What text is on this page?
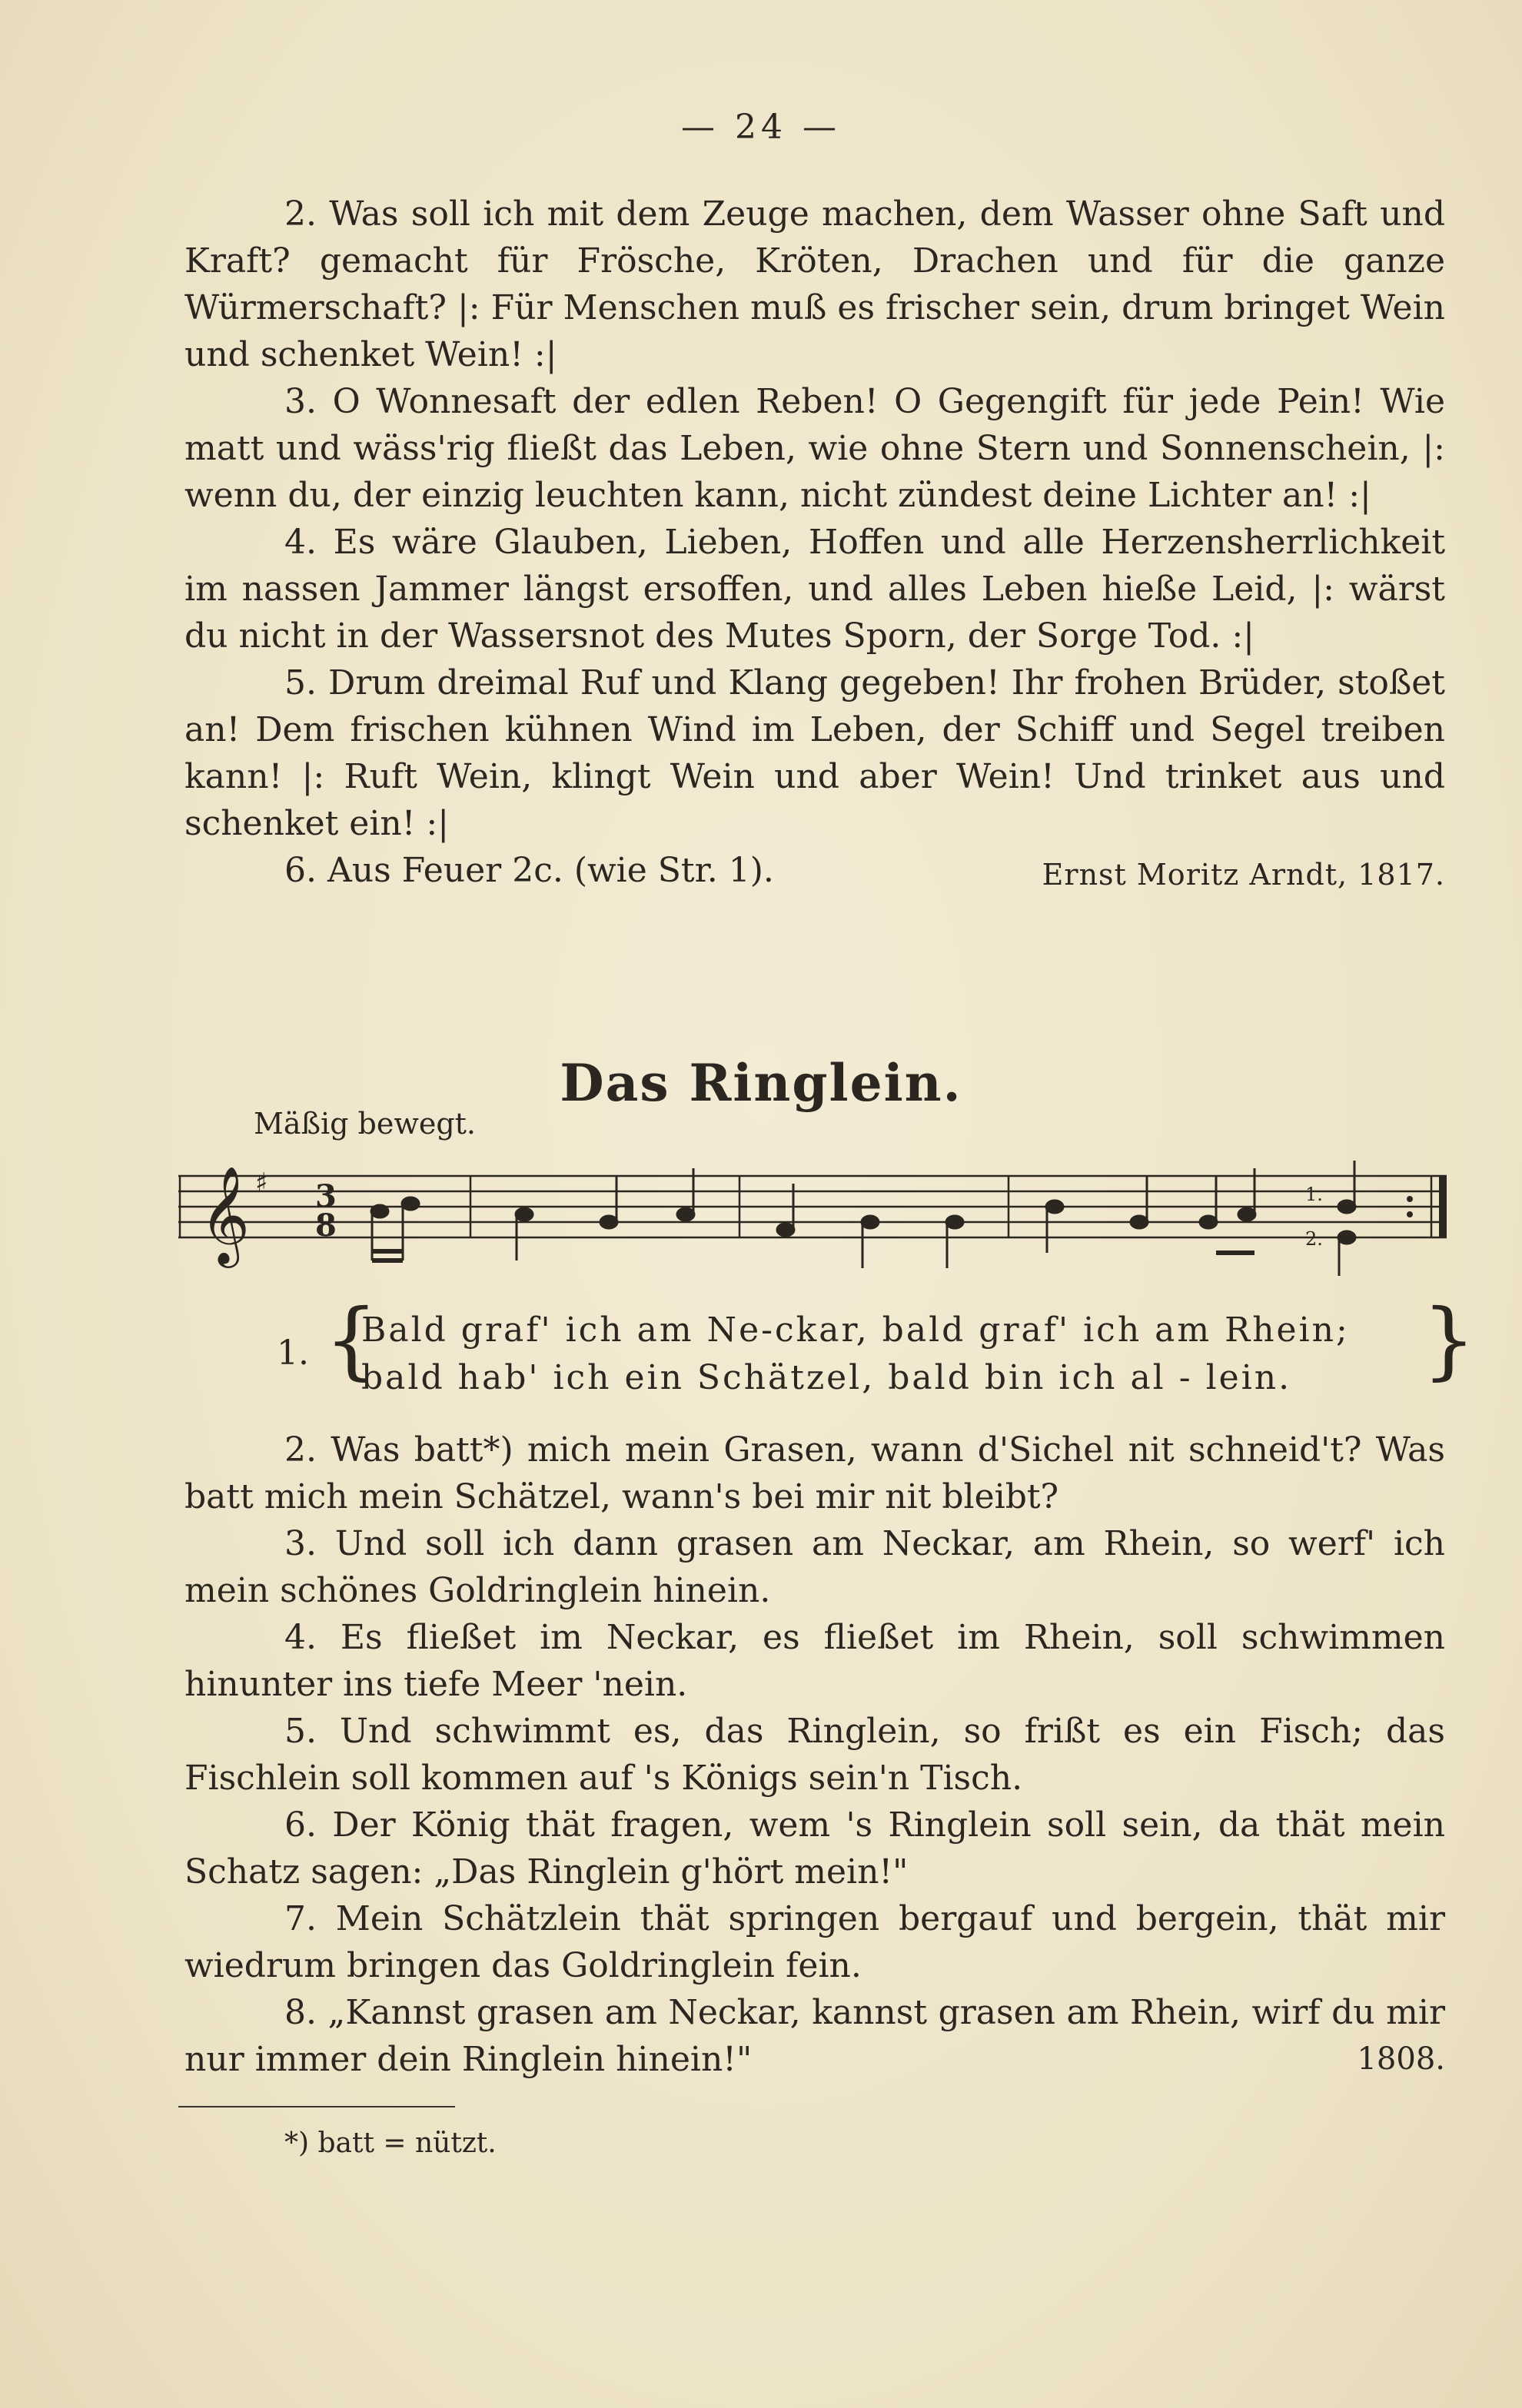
— 24 —

2. Was soll ich mit dem Zeuge machen, dem Wasser ohne Saft und Kraft? gemacht für Frösche, Kröten, Drachen und für die ganze Würmerschaft? |: Für Menschen muß es frischer sein, drum bringet Wein und schenket Wein! :|

3. O Wonnesaft der edlen Reben! O Gegengift für jede Pein! Wie matt und wäss'rig fließt das Leben, wie ohne Stern und Sonnenschein, |: wenn du, der einzig leuchten kann, nicht zündest deine Lichter an! :|

4. Es wäre Glauben, Lieben, Hoffen und alle Herzensherrlichkeit im nassen Jammer längst ersoffen, und alles Leben hieße Leid, |: wärst du nicht in der Wassersnot des Mutes Sporn, der Sorge Tod. :|

5. Drum dreimal Ruf und Klang gegeben! Ihr frohen Brüder, stoßet an! Dem frischen kühnen Wind im Leben, der Schiff und Segel treiben kann! |: Ruft Wein, klingt Wein und aber Wein! Und trinket aus und schenket ein! :|

6. Aus Feuer 2c. (wie Str. 1).	Ernst Moritz Arndt, 1817.

Das Ringlein.
Mäßig bewegt.
𝄞 ♯ 3
8
1.
2.
1. {
Bald graf' ich am Ne-ckar, bald graf' ich am Rhein;
bald hab' ich ein Schätzel, bald bin ich al - lein.	}

2. Was batt*) mich mein Grasen, wann d'Sichel nit schneid't? Was batt mich mein Schätzel, wann's bei mir nit bleibt?

3. Und soll ich dann grasen am Neckar, am Rhein, so werf' ich mein schönes Goldringlein hinein.

4. Es fließet im Neckar, es fließet im Rhein, soll schwimmen hinunter ins tiefe Meer 'nein.

5. Und schwimmt es, das Ringlein, so frißt es ein Fisch; das Fischlein soll kommen auf 's Königs sein'n Tisch.

6. Der König thät fragen, wem 's Ringlein soll sein, da thät mein Schatz sagen: „Das Ringlein g'hört mein!"

7. Mein Schätzlein thät springen bergauf und bergein, thät mir wiedrum bringen das Goldringlein fein.

8. „Kannst grasen am Neckar, kannst grasen am Rhein, wirf du mir nur immer dein Ringlein hinein!"	1808.

*) batt = nützt.
